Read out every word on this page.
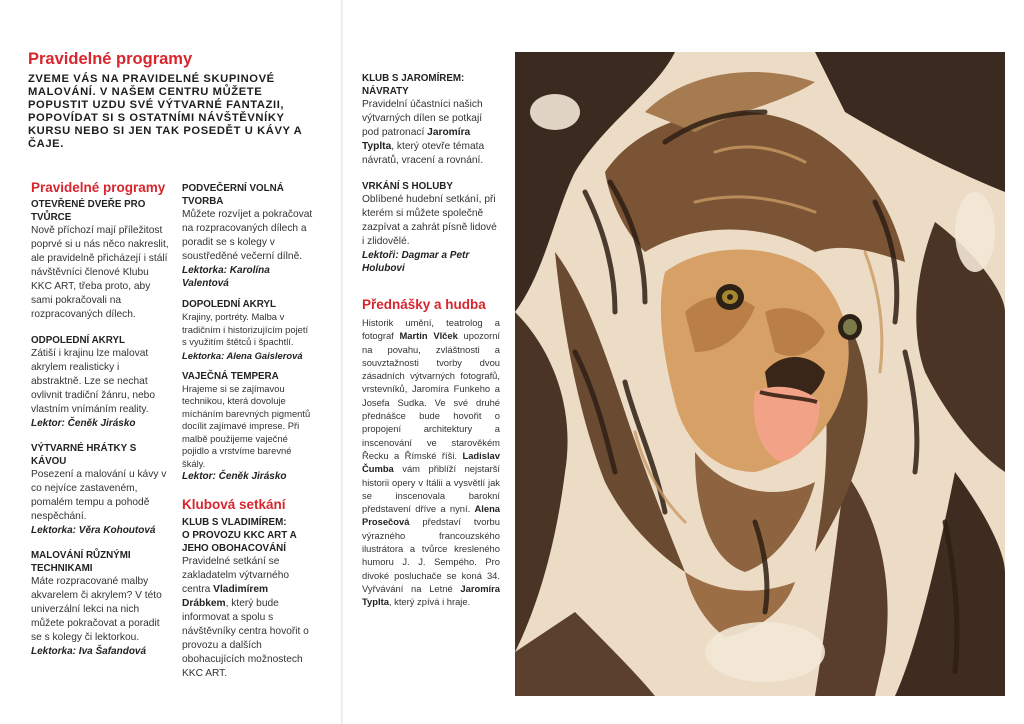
Pravidelné programy
ZVEME VÁS NA PRAVIDELNÉ SKUPINOVÉ MALOVÁNÍ. V NAŠEM CENTRU MŮŽETE POPUSTIT UZDU SVÉ VÝTVARNÉ FANTAZII, POPOVÍDAT SI S OSTATNÍMI NÁVŠTĚVNÍKY KURSU NEBO SI JEN TAK POSEDĚT U KÁVY A ČAJE.
Pravidelné programy
OTEVŘENÉ DVEŘE PRO TVŮRCE

Nově příchozí mají příležitost poprvé si u nás něco nakreslit, ale pravidelně přicházejí i stálí návštěvníci členové Klubu KKC ART, třeba proto, aby sami pokračovali na rozpracovaných dílech.

ODPOLEDNÍ AKRYL

Zátiší i krajinu lze malovat akrylem realisticky i abstraktně. Lze se nechat ovlivnit tradiční žánru, nebo vlastním vnímáním reality.

Lektor: Čeněk Jirásko

VÝTVARNÉ HRÁTKY S KÁVOU

Posezení a malování u kávy v co nejvíce zastaveném, pomalém tempu a pohodě nespěchání.

Lektorka: Věra Kohoutová

MALOVÁNÍ RŮZNÝMI TECHNIKAMI

Máte rozpracované malby akvarelem či akrylem? V této univerzální lekci na nich můžete pokračovat a poradit se s kolegy či lektorkou.

Lektorka: Iva Šafandová

PODVEČERNÍ VOLNÁ TVORBA

Můžete rozvíjet a pokračovat na rozpracovaných dílech a poradit se s kolegy v soustředěné večerní dílně.

Lektorka: Karolína Valentová

DOPOLEDNÍ AKRYL

Krajiny, portréty. Malba v tradičním i historizujícím pojetí s využitím štětců i špachtlí.

Lektorka: Alena Gaislerová

VAJEČNÁ TEMPERA

Hrajeme si se zajímavou technikou, která dovoluje mícháním barevných pigmentů docílit zajímavé imprese. Při malbě použijeme vaječné pojidlo a vrstvíme barevné škály.

Lektor: Čeněk Jirásko

Klubová setkání
KLUB S VLADIMÍREM:
O PROVOZU KKC ART A JEHO OBOHACOVÁNÍ

Pravidelné setkání se zakladatelm výtvarného centra Vladimírem Drábkem, který bude informovat a spolu s návštěvníky centra hovořit o provozu a dalších obohacujících možnostech KKC ART.

KLUB S JAROMÍREM:
NÁVRATY

Pravidelní účastníci našich výtvarných dílen se potkají pod patronací Jaromíra Typlta, který otevře témata návratů, vracení a rovnání.

VRKÁNÍ S HOLUBY

Oblíbené hudební setkání, při kterém si můžete společně zazpívat a zahrát písně lidové i zlidovělé.

Lektoři: Dagmar a Petr Holubovi

Přednášky a hudba

Historik umění, teatrolog a fotograf Martin Vlček upozorní na povahu, zvláštnosti a souvztažnosti tvorby dvou zásadních výtvarných fotografů, vrstevníků, Jaromíra Funkeho a Josefa Sudka. Ve své druhé přednášce bude hovořit o propojení architektury a inscenování ve starověkém Řecku a Římské říši. Ladislav Čumba vám přiblíží nejstarší historii opery v Itálii a vysvětlí jak se inscenovala barokní představení dříve a nyní. Alena Prosečová představí tvorbu výrazného francouzského ilustrátora a tvůrce kresleného humoru J. J. Sempého. Pro divoké posluchače se koná 34. Vyřvávání na Letné Jaromíra Typlta, který zpívá i hraje.
